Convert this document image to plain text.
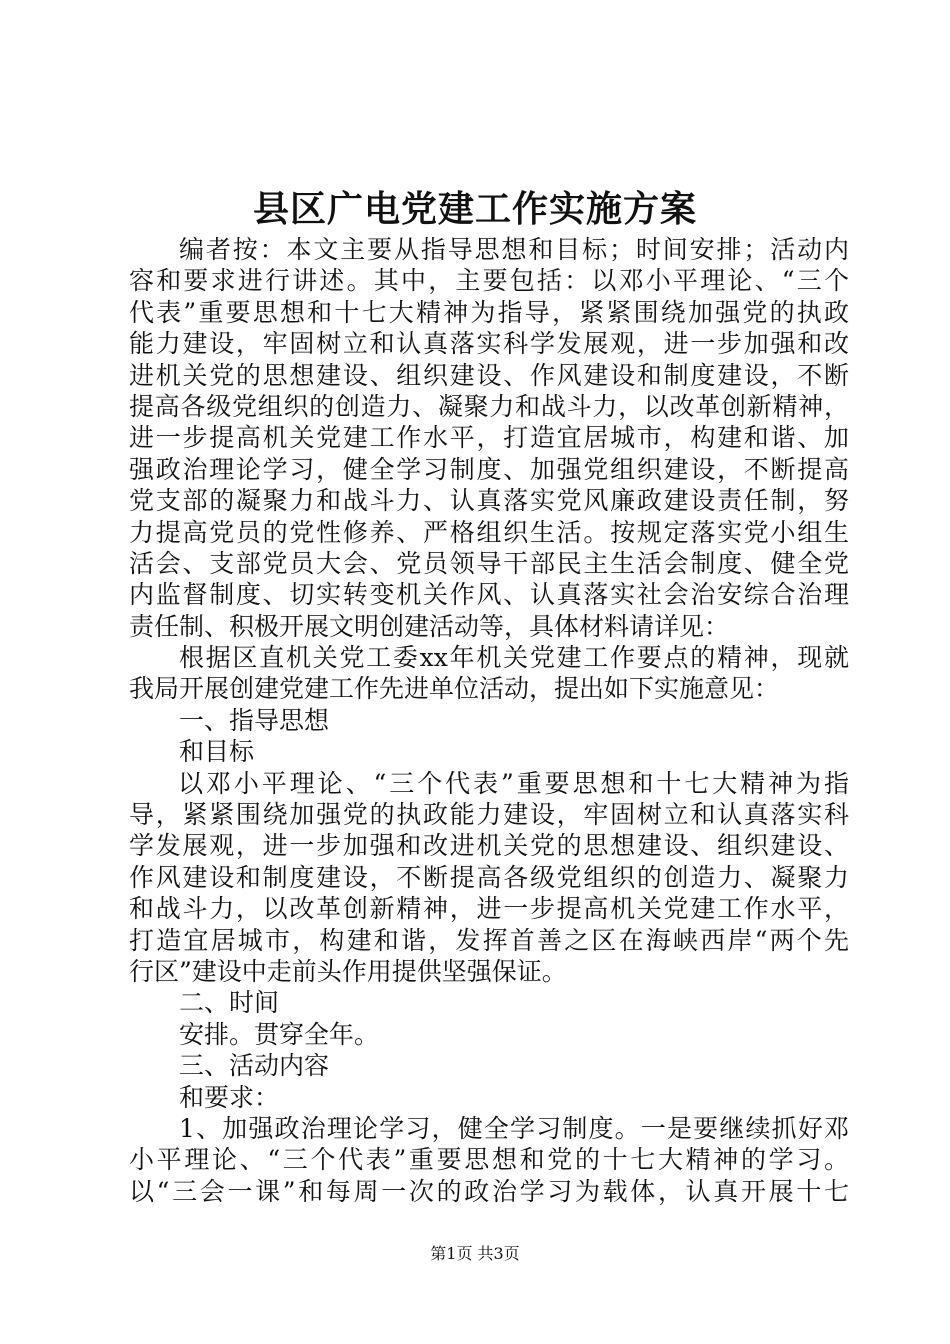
县区广电党建工作实施方案
编者按：本文主要从指导思想和目标；时间安排；活动内
容和要求进行讲述。其中，主要包括：以邓小平理论、“三个
代表”重要思想和十七大精神为指导，紧紧围绕加强党的执政
能力建设，牢固树立和认真落实科学发展观，进一步加强和改
进机关党的思想建设、组织建设、作风建设和制度建设，不断
提高各级党组织的创造力、凝聚力和战斗力，以改革创新精神，
进一步提高机关党建工作水平，打造宜居城市，构建和谐、加
强政治理论学习，健全学习制度、加强党组织建设，不断提高
党支部的凝聚力和战斗力、认真落实党风廉政建设责任制，努
力提高党员的党性修养、严格组织生活。按规定落实党小组生
活会、支部党员大会、党员领导干部民主生活会制度、健全党
内监督制度、切实转变机关作风、认真落实社会治安综合治理
责任制、积极开展文明创建活动等，具体材料请详见：
根据区直机关党工委xx年机关党建工作要点的精神，现就
我局开展创建党建工作先进单位活动，提出如下实施意见：
一、指导思想
和目标
以邓小平理论、“三个代表”重要思想和十七大精神为指
导，紧紧围绕加强党的执政能力建设，牢固树立和认真落实科
学发展观，进一步加强和改进机关党的思想建设、组织建设、
作风建设和制度建设，不断提高各级党组织的创造力、凝聚力
和战斗力，以改革创新精神，进一步提高机关党建工作水平，
打造宜居城市，构建和谐，发挥首善之区在海峡西岸“两个先
行区”建设中走前头作用提供坚强保证。
二、时间
安排。贯穿全年。
三、活动内容
和要求：
1、加强政治理论学习，健全学习制度。一是要继续抓好邓
小平理论、“三个代表”重要思想和党的十七大精神的学习。
以“三会一课”和每周一次的政治学习为载体，认真开展十七
第1页 共3页
